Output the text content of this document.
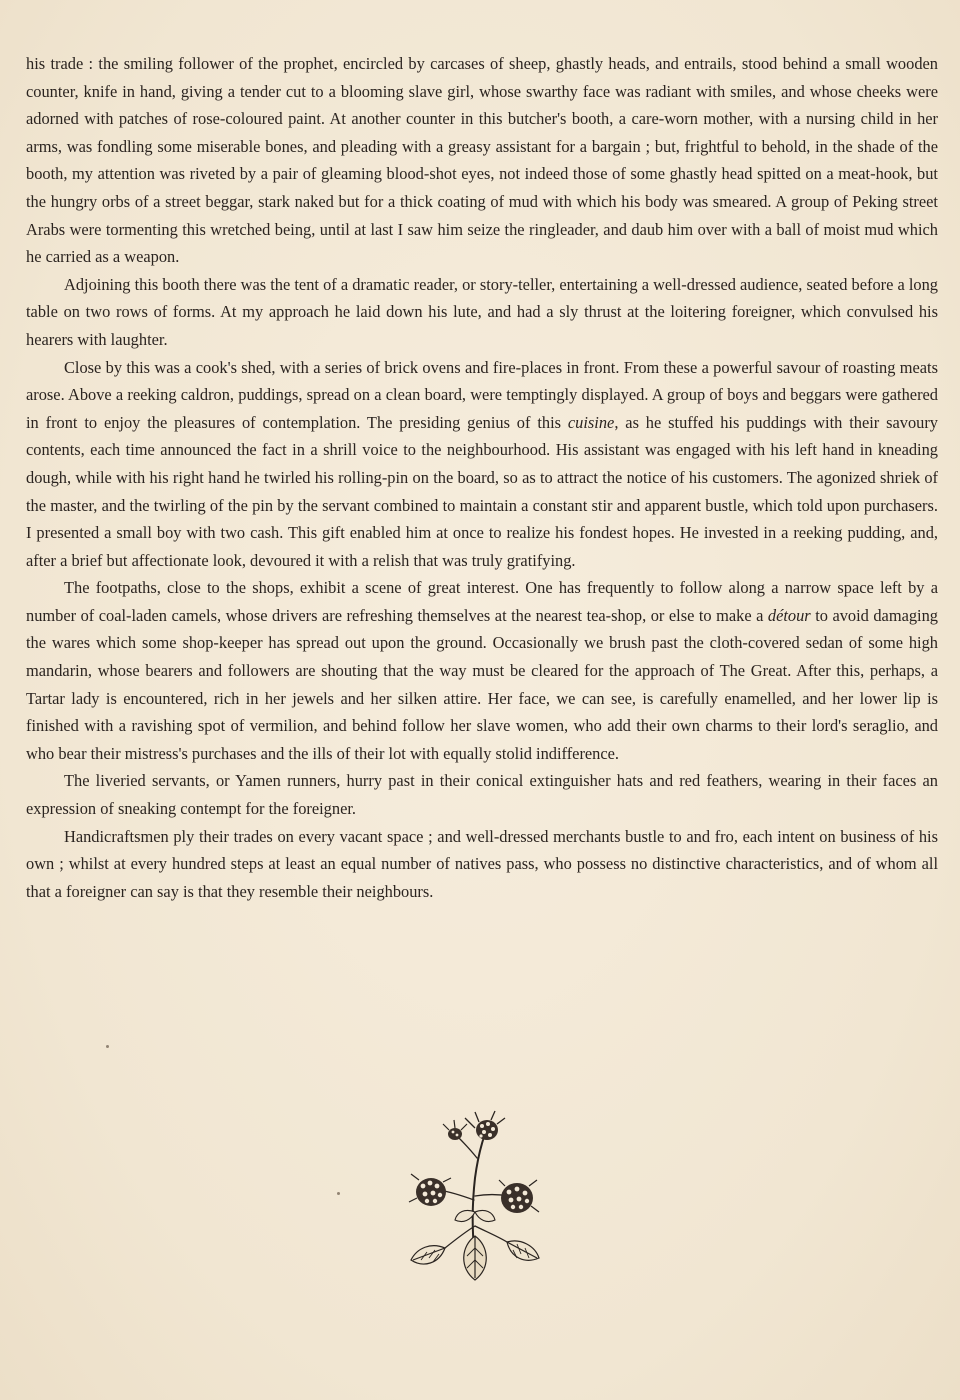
his trade : the smiling follower of the prophet, encircled by carcases of sheep, ghastly heads, and entrails, stood behind a small wooden counter, knife in hand, giving a tender cut to a blooming slave girl, whose swarthy face was radiant with smiles, and whose cheeks were adorned with patches of rose-coloured paint. At another counter in this butcher's booth, a care-worn mother, with a nursing child in her arms, was fondling some miserable bones, and pleading with a greasy assistant for a bargain ; but, frightful to behold, in the shade of the booth, my attention was riveted by a pair of gleaming blood-shot eyes, not indeed those of some ghastly head spitted on a meat-hook, but the hungry orbs of a street beggar, stark naked but for a thick coating of mud with which his body was smeared. A group of Peking street Arabs were tormenting this wretched being, until at last I saw him seize the ringleader, and daub him over with a ball of moist mud which he carried as a weapon.

Adjoining this booth there was the tent of a dramatic reader, or story-teller, entertaining a well-dressed audience, seated before a long table on two rows of forms. At my approach he laid down his lute, and had a sly thrust at the loitering foreigner, which convulsed his hearers with laughter.

Close by this was a cook's shed, with a series of brick ovens and fire-places in front. From these a powerful savour of roasting meats arose. Above a reeking caldron, puddings, spread on a clean board, were temptingly displayed. A group of boys and beggars were gathered in front to enjoy the pleasures of contemplation. The presiding genius of this cuisine, as he stuffed his puddings with their savoury contents, each time announced the fact in a shrill voice to the neighbourhood. His assistant was engaged with his left hand in kneading dough, while with his right hand he twirled his rolling-pin on the board, so as to attract the notice of his customers. The agonized shriek of the master, and the twirling of the pin by the servant combined to maintain a constant stir and apparent bustle, which told upon purchasers. I presented a small boy with two cash. This gift enabled him at once to realize his fondest hopes. He invested in a reeking pudding, and, after a brief but affectionate look, devoured it with a relish that was truly gratifying.

The footpaths, close to the shops, exhibit a scene of great interest. One has frequently to follow along a narrow space left by a number of coal-laden camels, whose drivers are refreshing themselves at the nearest tea-shop, or else to make a détour to avoid damaging the wares which some shop-keeper has spread out upon the ground. Occasionally we brush past the cloth-covered sedan of some high mandarin, whose bearers and followers are shouting that the way must be cleared for the approach of The Great. After this, perhaps, a Tartar lady is encountered, rich in her jewels and her silken attire. Her face, we can see, is carefully enamelled, and her lower lip is finished with a ravishing spot of vermilion, and behind follow her slave women, who add their own charms to their lord's seraglio, and who bear their mistress's purchases and the ills of their lot with equally stolid indifference.

The liveried servants, or Yamen runners, hurry past in their conical extinguisher hats and red feathers, wearing in their faces an expression of sneaking contempt for the foreigner.

Handicraftsmen ply their trades on every vacant space ; and well-dressed merchants bustle to and fro, each intent on business of his own ; whilst at every hundred steps at least an equal number of natives pass, who possess no distinctive characteristics, and of whom all that a foreigner can say is that they resemble their neighbours.
